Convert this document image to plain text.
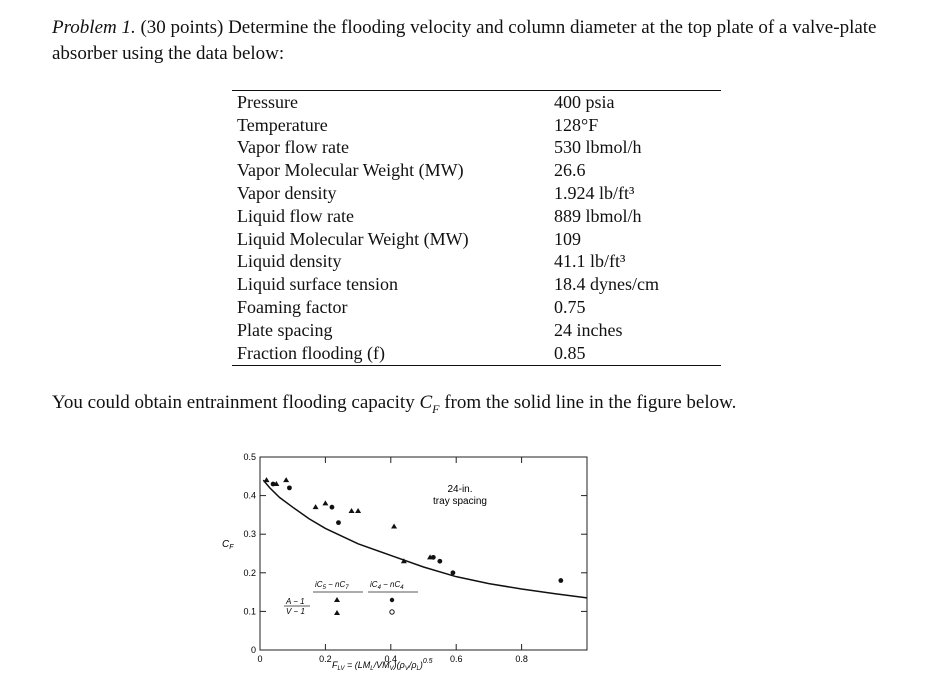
Problem 1. (30 points) Determine the flooding velocity and column diameter at the top plate of a valve-plate absorber using the data below:
Pressure	400 psia
Temperature	128°F
Vapor flow rate	530 lbmol/h
Vapor Molecular Weight (MW)	26.6
Vapor density	1.924 lb/ft³
Liquid flow rate	889 lbmol/h
Liquid Molecular Weight (MW)	109
Liquid density	41.1 lb/ft³
Liquid surface tension	18.4 dynes/cm
Foaming factor	0.75
Plate spacing	24 inches
Fraction flooding (f)	0.85
You could obtain entrainment flooding capacity $C_F$ from the solid line in the figure below.
0	0.2	0.4	0.6	0.8
0
0.1
0.2
0.3
0.4
0.5
A − 1
V − 1
$iC_5 - nC_7$	$iC_4 - nC_4$
24-in.
tray spacing
$C_F$
$F_{LV} = (LM_L/VM_V)(\rho_V/\rho_L)^{0.5}$
